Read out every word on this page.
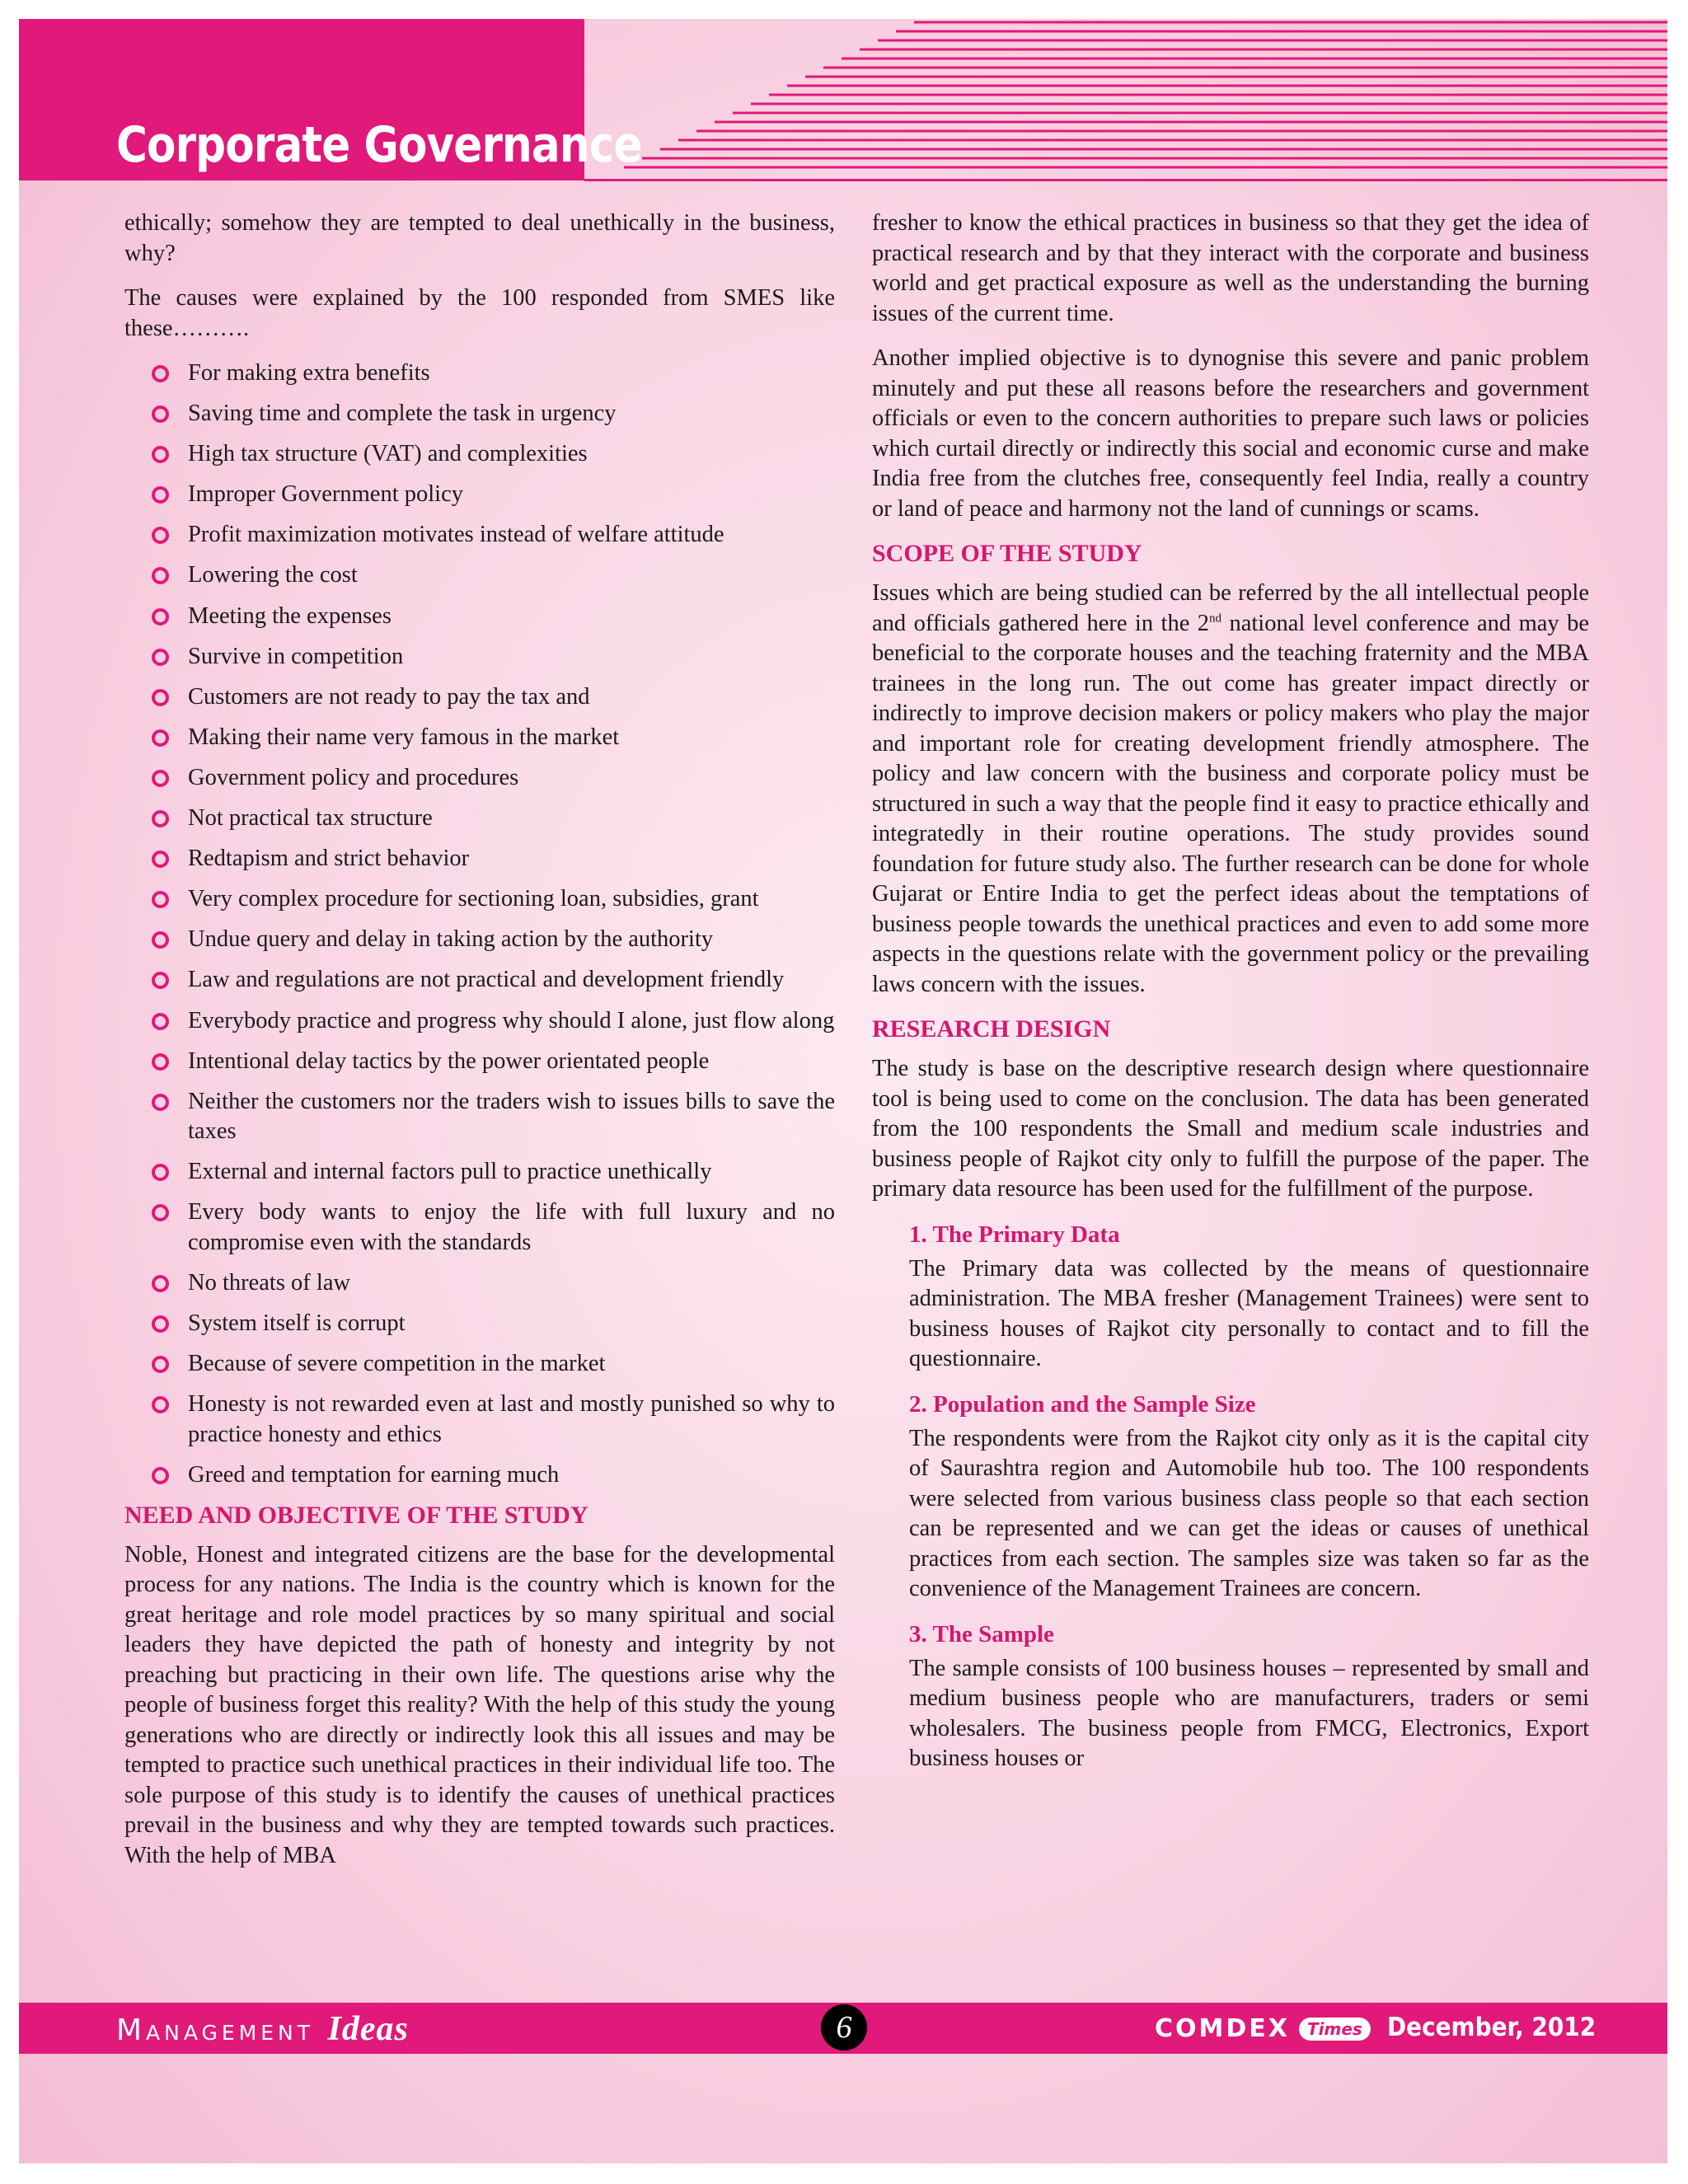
Corporate Governance

ethically; somehow they are tempted to deal unethically in the business, why?

The causes were explained by the 100 responded from SMES like these……….

For making extra benefits
Saving time and complete the task in urgency
High tax structure (VAT) and complexities
Improper Government policy
Profit maximization motivates instead of welfare attitude
Lowering the cost
Meeting the expenses
Survive in competition
Customers are not ready to pay the tax and
Making their name very famous in the market
Government policy and procedures
Not practical tax structure
Redtapism and strict behavior
Very complex procedure for sectioning loan, subsidies, grant
Undue query and delay in taking action by the authority
Law and regulations are not practical and development friendly
Everybody practice and progress why should I alone, just flow along
Intentional delay tactics by the power orientated people
Neither the customers nor the traders wish to issues bills to save the taxes
External and internal factors pull to practice unethically
Every body wants to enjoy the life with full luxury and no compromise even with the standards
No threats of law
System itself is corrupt
Because of severe competition in the market
Honesty is not rewarded even at last and mostly punished so why to practice honesty and ethics
Greed and temptation for earning much
NEED AND OBJECTIVE OF THE STUDY

Noble, Honest and integrated citizens are the base for the developmental process for any nations. The India is the country which is known for the great heritage and role model practices by so many spiritual and social leaders they have depicted the path of honesty and integrity by not preaching but practicing in their own life. The questions arise why the people of business forget this reality? With the help of this study the young generations who are directly or indirectly look this all issues and may be tempted to practice such unethical practices in their individual life too. The sole purpose of this study is to identify the causes of unethical practices prevail in the business and why they are tempted towards such practices. With the help of MBA

fresher to know the ethical practices in business so that they get the idea of practical research and by that they interact with the corporate and business world and get practical exposure as well as the understanding the burning issues of the current time.

Another implied objective is to dynognise this severe and panic problem minutely and put these all reasons before the researchers and government officials or even to the concern authorities to prepare such laws or policies which curtail directly or indirectly this social and economic curse and make India free from the clutches free, consequently feel India, really a country or land of peace and harmony not the land of cunnings or scams.

SCOPE OF THE STUDY

Issues which are being studied can be referred by the all intellectual people and officials gathered here in the 2nd national level conference and may be beneficial to the corporate houses and the teaching fraternity and the MBA trainees in the long run. The out come has greater impact directly or indirectly to improve decision makers or policy makers who play the major and important role for creating development friendly atmosphere. The policy and law concern with the business and corporate policy must be structured in such a way that the people find it easy to practice ethically and integratedly in their routine operations. The study provides sound foundation for future study also. The further research can be done for whole Gujarat or Entire India to get the perfect ideas about the temptations of business people towards the unethical practices and even to add some more aspects in the questions relate with the government policy or the prevailing laws concern with the issues.

RESEARCH DESIGN

The study is base on the descriptive research design where questionnaire tool is being used to come on the conclusion. The data has been generated from the 100 respondents the Small and medium scale industries and business people of Rajkot city only to fulfill the purpose of the paper. The primary data resource has been used for the fulfillment of the purpose.

1. The Primary Data

The Primary data was collected by the means of questionnaire administration. The MBA fresher (Management Trainees) were sent to business houses of Rajkot city personally to contact and to fill the questionnaire.

2. Population and the Sample Size

The respondents were from the Rajkot city only as it is the capital city of Saurashtra region and Automobile hub too. The 100 respondents were selected from various business class people so that each section can be represented and we can get the ideas or causes of unethical practices from each section. The samples size was taken so far as the convenience of the Management Trainees are concern.

3. The Sample

The sample consists of 100 business houses – represented by small and medium business people who are manufacturers, traders or semi wholesalers. The business people from FMCG, Electronics, Export business houses or

Management Ideas	COMDEX	Times December, 2012
6
